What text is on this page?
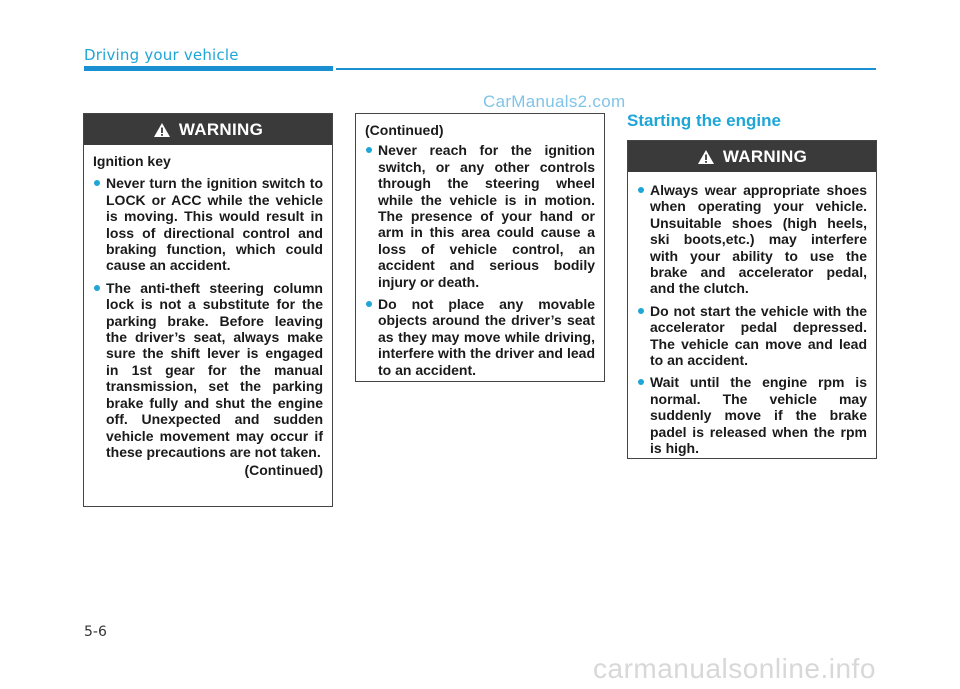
Driving your vehicle
CarManuals2.com
Starting the engine
WARNING

Ignition key

Never turn the ignition switch to LOCK or ACC while the vehicle is moving. This would result in loss of directional control and braking function, which could cause an accident.
The anti-theft steering column lock is not a substitute for the parking brake. Before leaving the driver’s seat, always make sure the shift lever is engaged in 1st gear for the manual transmission, set the parking brake fully and shut the engine off. Unexpected and sudden vehicle movement may occur if these precautions are not taken.
(Continued)

(Continued)

Never reach for the ignition switch, or any other controls through the steering wheel while the vehicle is in motion. The presence of your hand or arm in this area could cause a loss of vehicle control, an accident and serious bodily injury or death.
Do not place any movable objects around the driver’s seat as they may move while driving, interfere with the driver and lead to an accident.
WARNING
Always wear appropriate shoes when operating your vehicle. Unsuitable shoes (high heels, ski boots,etc.) may interfere with your ability to use the brake and accelerator pedal, and the clutch.
Do not start the vehicle with the accelerator pedal depressed. The vehicle can move and lead to an accident.
Wait until the engine rpm is normal. The vehicle may suddenly move if the brake padel is released when the rpm is high.
5-6
carmanualsonline.info
